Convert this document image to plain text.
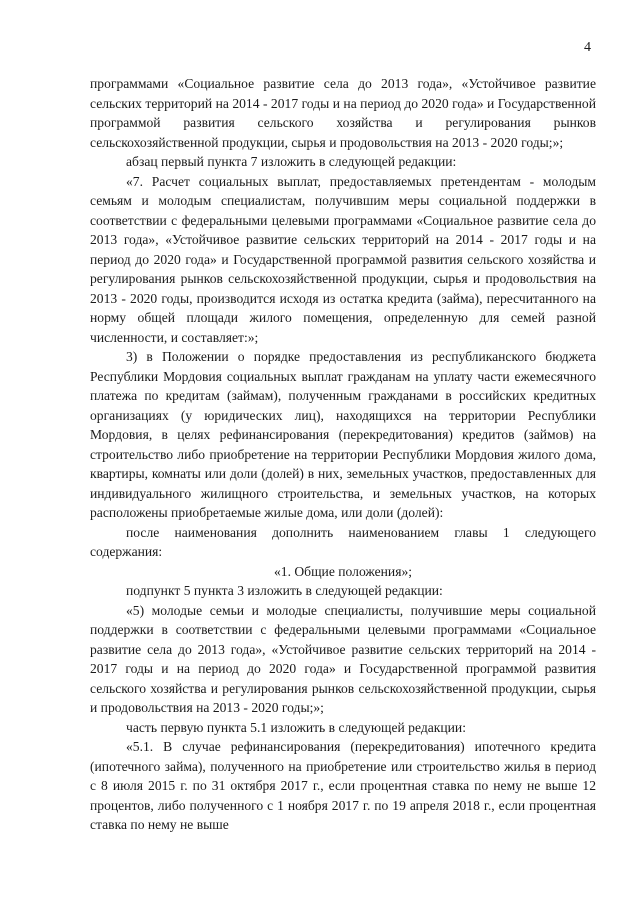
4

программами «Социальное развитие села до 2013 года», «Устойчивое развитие сельских территорий на 2014 - 2017 годы и на период до 2020 года» и Государственной программой развития сельского хозяйства и регулирования рынков сельскохозяйственной продукции, сырья и продовольствия на 2013 - 2020 годы;»;

абзац первый пункта 7 изложить в следующей редакции:

«7. Расчет социальных выплат, предоставляемых претендентам - молодым семьям и молодым специалистам, получившим меры социальной поддержки в соответствии с федеральными целевыми программами «Социальное развитие села до 2013 года», «Устойчивое развитие сельских территорий на 2014 - 2017 годы и на период до 2020 года» и Государственной программой развития сельского хозяйства и регулирования рынков сельскохозяйственной продукции, сырья и продовольствия на 2013 - 2020 годы, производится исходя из остатка кредита (займа), пересчитанного на норму общей площади жилого помещения, определенную для семей разной численности, и составляет:»;

3) в Положении о порядке предоставления из республиканского бюджета Республики Мордовия социальных выплат гражданам на уплату части ежемесячного платежа по кредитам (займам), полученным гражданами в российских кредитных организациях (у юридических лиц), находящихся на территории Республики Мордовия, в целях рефинансирования (перекредитования) кредитов (займов) на строительство либо приобретение на территории Республики Мордовия жилого дома, квартиры, комнаты или доли (долей) в них, земельных участков, предоставленных для индивидуального жилищного строительства, и земельных участков, на которых расположены приобретаемые жилые дома, или доли (долей):

после наименования дополнить наименованием главы 1 следующего содержания:

«1. Общие положения»;

подпункт 5 пункта 3 изложить в следующей редакции:

«5) молодые семьи и молодые специалисты, получившие меры социальной поддержки в соответствии с федеральными целевыми программами «Социальное развитие села до 2013 года», «Устойчивое развитие сельских территорий на 2014 - 2017 годы и на период до 2020 года» и Государственной программой развития сельского хозяйства и регулирования рынков сельскохозяйственной продукции, сырья и продовольствия на 2013 - 2020 годы;»;

часть первую пункта 5.1 изложить в следующей редакции:

«5.1. В случае рефинансирования (перекредитования) ипотечного кредита (ипотечного займа), полученного на приобретение или строительство жилья в период с 8 июля 2015 г. по 31 октября 2017 г., если процентная ставка по нему не выше 12 процентов, либо полученного с 1 ноября 2017 г. по 19 апреля 2018 г., если процентная ставка по нему не выше
